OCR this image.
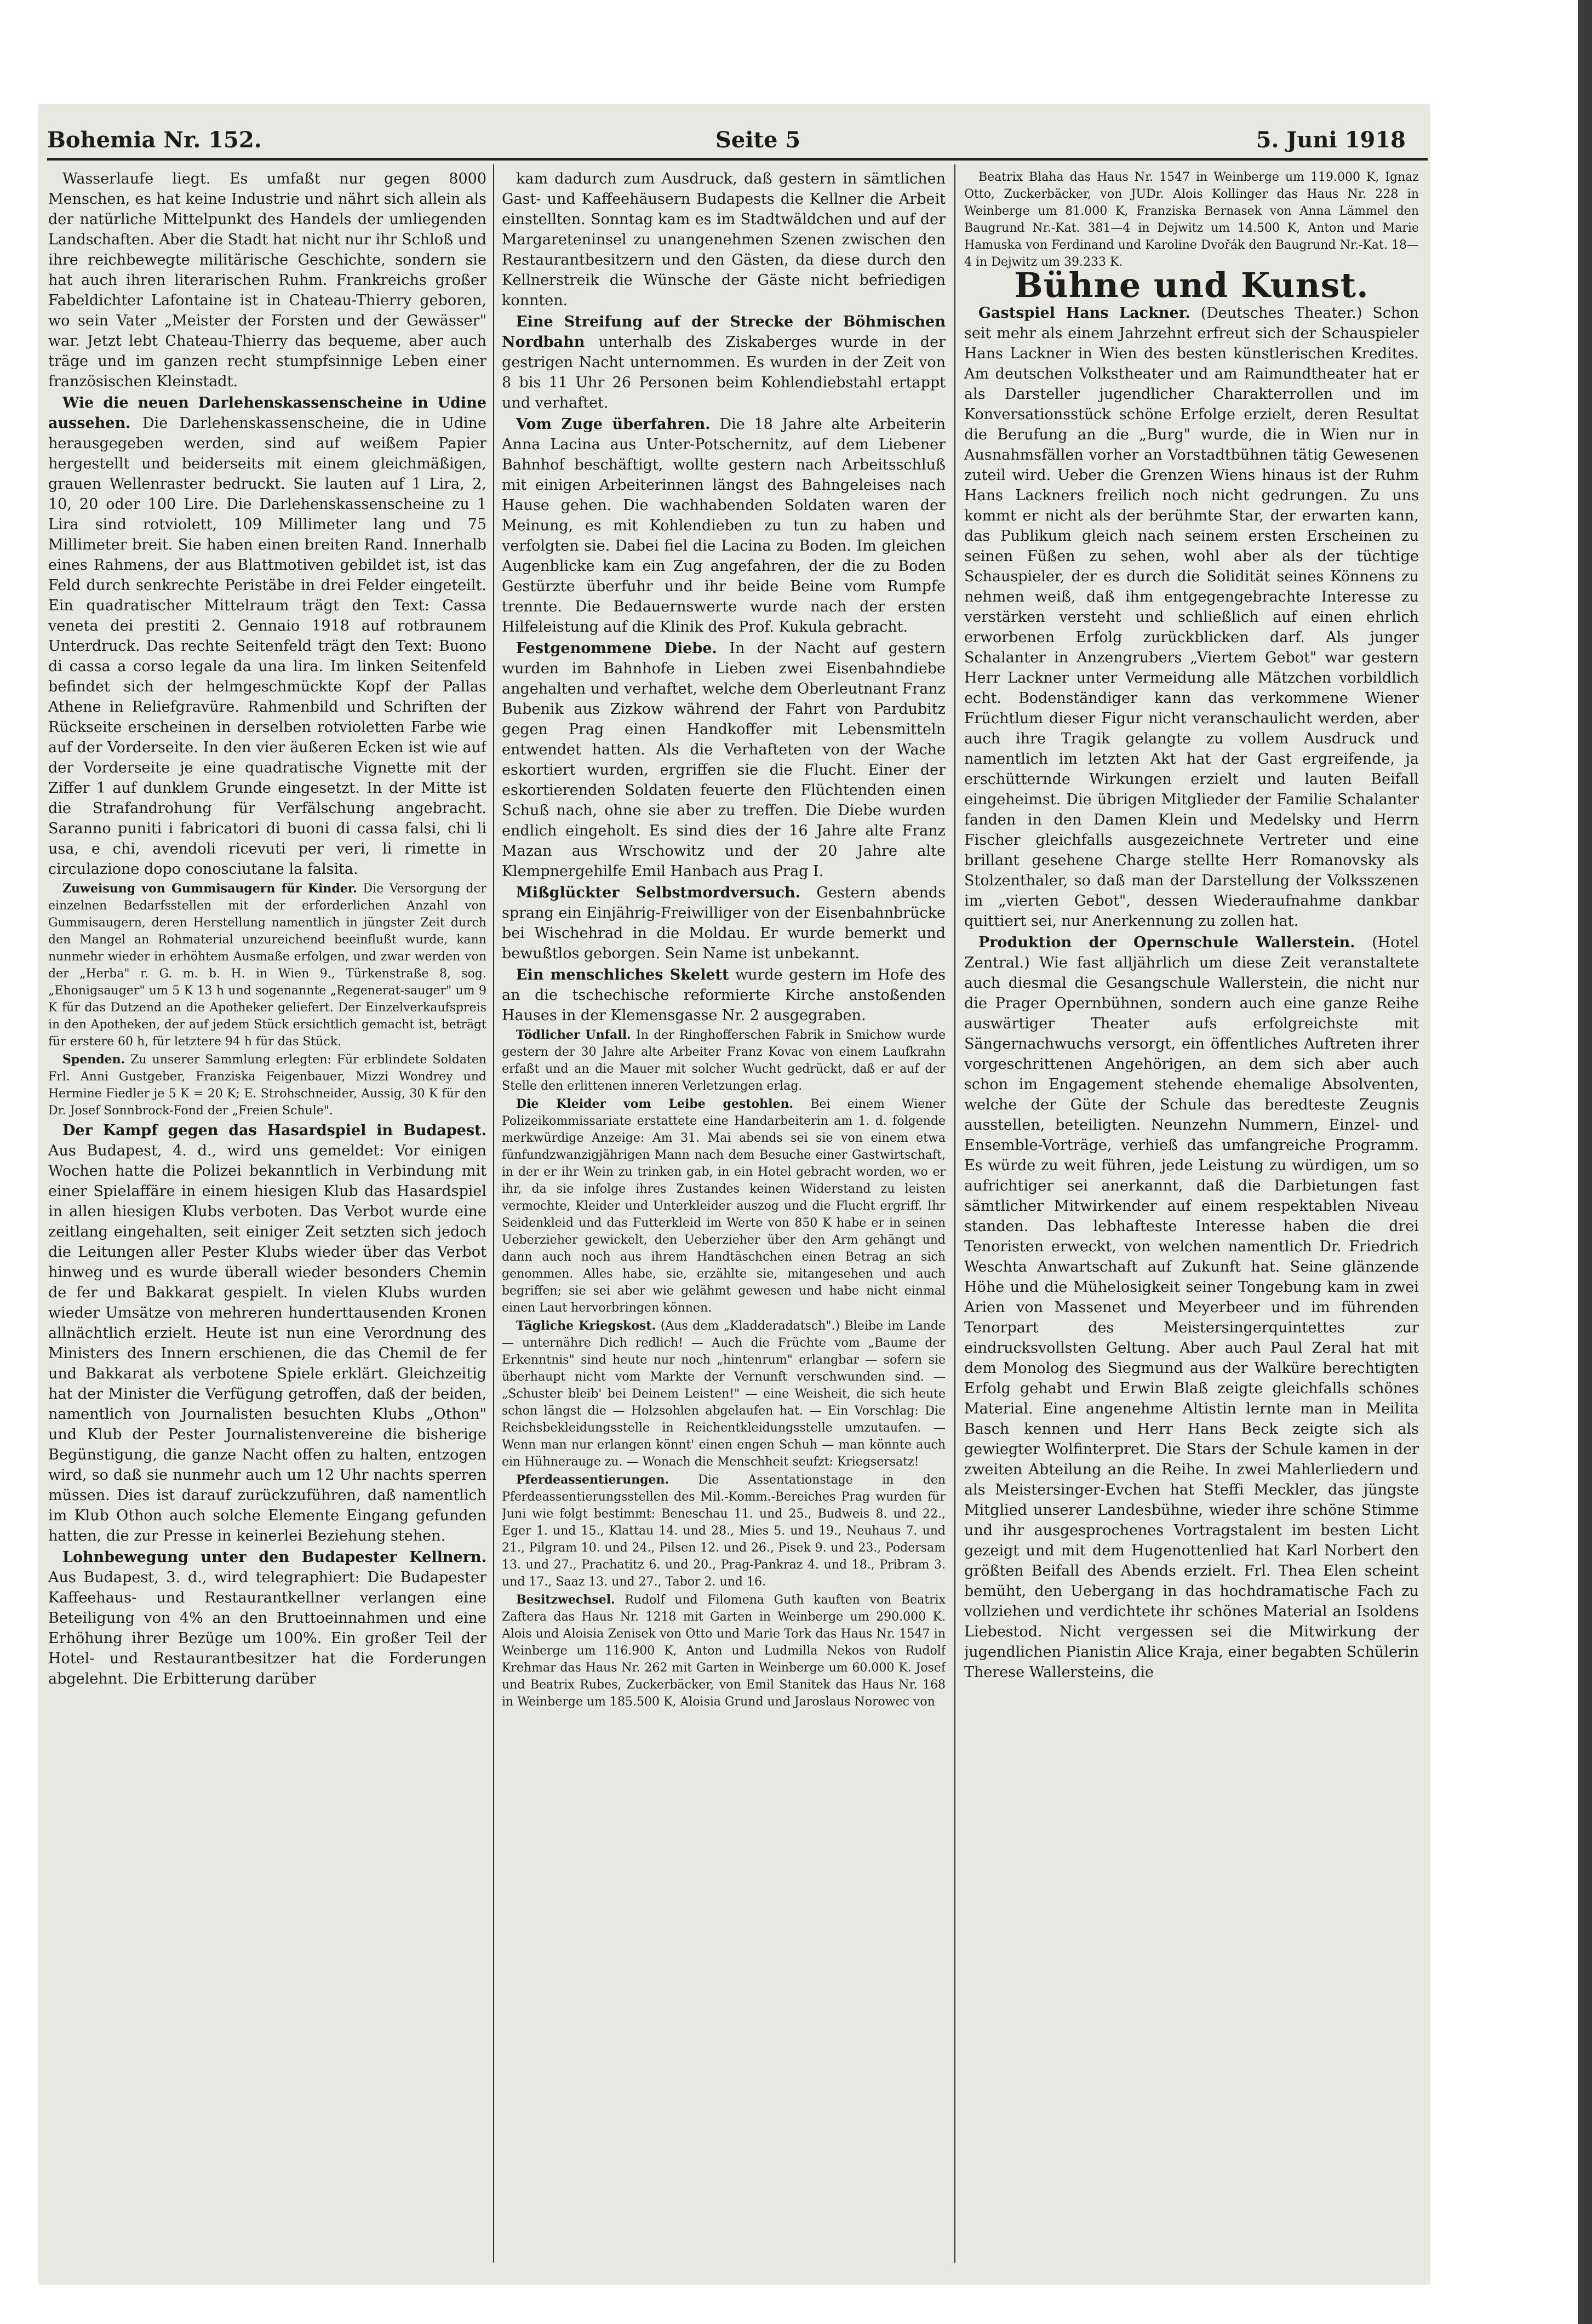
Bohemia Nr. 152.	Seite 5	5. Juni 1918

Wasserlaufe liegt. Es umfaßt nur gegen 8000 Menschen, es hat keine Industrie und nährt sich allein als der natürliche Mittelpunkt des Handels der umliegenden Landschaften. Aber die Stadt hat nicht nur ihr Schloß und ihre reichbewegte militärische Geschichte, sondern sie hat auch ihren literarischen Ruhm. Frankreichs großer Fabeldichter Lafontaine ist in Chateau-Thierry geboren, wo sein Vater „Meister der Forsten und der Gewässer" war. Jetzt lebt Chateau-Thierry das bequeme, aber auch träge und im ganzen recht stumpfsinnige Leben einer französischen Kleinstadt.

Wie die neuen Darlehenskassenscheine in Udine aussehen. Die Darlehenskassenscheine, die in Udine herausgegeben werden, sind auf weißem Papier hergestellt und beiderseits mit einem gleichmäßigen, grauen Wellenraster bedruckt. Sie lauten auf 1 Lira, 2, 10, 20 oder 100 Lire. Die Darlehenskassenscheine zu 1 Lira sind rotviolett, 109 Millimeter lang und 75 Millimeter breit. Sie haben einen breiten Rand. Innerhalb eines Rahmens, der aus Blattmotiven gebildet ist, ist das Feld durch senkrechte Peristäbe in drei Felder eingeteilt. Ein quadratischer Mittelraum trägt den Text: Cassa veneta dei prestiti 2. Gennaio 1918 auf rotbraunem Unterdruck. Das rechte Seitenfeld trägt den Text: Buono di cassa a corso legale da una lira. Im linken Seitenfeld befindet sich der helmgeschmückte Kopf der Pallas Athene in Reliefgravüre. Rahmenbild und Schriften der Rückseite erscheinen in derselben rotvioletten Farbe wie auf der Vorderseite. In den vier äußeren Ecken ist wie auf der Vorderseite je eine quadratische Vignette mit der Ziffer 1 auf dunklem Grunde eingesetzt. In der Mitte ist die Strafandrohung für Verfälschung angebracht. Saranno puniti i fabricatori di buoni di cassa falsi, chi li usa, e chi, avendoli ricevuti per veri, li rimette in circulazione dopo conosciutane la falsita.

Zuweisung von Gummisaugern für Kinder. Die Versorgung der einzelnen Bedarfsstellen mit der erforderlichen Anzahl von Gummisaugern, deren Herstellung namentlich in jüngster Zeit durch den Mangel an Rohmaterial unzureichend beeinflußt wurde, kann nunmehr wieder in erhöhtem Ausmaße erfolgen, und zwar werden von der „Herba" r. G. m. b. H. in Wien 9., Türkenstraße 8, sog. „Ehonigsauger" um 5 K 13 h und sogenannte „Regenerat-sauger" um 9 K für das Dutzend an die Apotheker geliefert. Der Einzelverkaufspreis in den Apotheken, der auf jedem Stück ersichtlich gemacht ist, beträgt für erstere 60 h, für letztere 94 h für das Stück.

Spenden. Zu unserer Sammlung erlegten: Für erblindete Soldaten Frl. Anni Gustgeber, Franziska Feigenbauer, Mizzi Wondrey und Hermine Fiedler je 5 K = 20 K; E. Strohschneider, Aussig, 30 K für den Dr. Josef Sonnbrock-Fond der „Freien Schule".

Der Kampf gegen das Hasardspiel in Budapest. Aus Budapest, 4. d., wird uns gemeldet: Vor einigen Wochen hatte die Polizei bekanntlich in Verbindung mit einer Spielaffäre in einem hiesigen Klub das Hasardspiel in allen hiesigen Klubs verboten. Das Verbot wurde eine zeitlang eingehalten, seit einiger Zeit setzten sich jedoch die Leitungen aller Pester Klubs wieder über das Verbot hinweg und es wurde überall wieder besonders Chemin de fer und Bakkarat gespielt. In vielen Klubs wurden wieder Umsätze von mehreren hunderttausenden Kronen allnächtlich erzielt. Heute ist nun eine Verordnung des Ministers des Innern erschienen, die das Chemil de fer und Bakkarat als verbotene Spiele erklärt. Gleichzeitig hat der Minister die Verfügung getroffen, daß der beiden, namentlich von Journalisten besuchten Klubs „Othon" und Klub der Pester Journalistenvereine die bisherige Begünstigung, die ganze Nacht offen zu halten, entzogen wird, so daß sie nunmehr auch um 12 Uhr nachts sperren müssen. Dies ist darauf zurückzuführen, daß namentlich im Klub Othon auch solche Elemente Eingang gefunden hatten, die zur Presse in keinerlei Beziehung stehen.

Lohnbewegung unter den Budapester Kellnern. Aus Budapest, 3. d., wird telegraphiert: Die Budapester Kaffeehaus- und Restaurantkellner verlangen eine Beteiligung von 4% an den Bruttoeinnahmen und eine Erhöhung ihrer Bezüge um 100%. Ein großer Teil der Hotel- und Restaurantbesitzer hat die Forderungen abgelehnt. Die Erbitterung darüber

kam dadurch zum Ausdruck, daß gestern in sämtlichen Gast- und Kaffeehäusern Budapests die Kellner die Arbeit einstellten. Sonntag kam es im Stadtwäldchen und auf der Margareteninsel zu unangenehmen Szenen zwischen den Restaurantbesitzern und den Gästen, da diese durch den Kellnerstreik die Wünsche der Gäste nicht befriedigen konnten.

Eine Streifung auf der Strecke der Böhmischen Nordbahn unterhalb des Ziskaberges wurde in der gestrigen Nacht unternommen. Es wurden in der Zeit von 8 bis 11 Uhr 26 Personen beim Kohlendiebstahl ertappt und verhaftet.

Vom Zuge überfahren. Die 18 Jahre alte Arbeiterin Anna Lacina aus Unter-Potschernitz, auf dem Liebener Bahnhof beschäftigt, wollte gestern nach Arbeitsschluß mit einigen Arbeiterinnen längst des Bahngeleises nach Hause gehen. Die wachhabenden Soldaten waren der Meinung, es mit Kohlendieben zu tun zu haben und verfolgten sie. Dabei fiel die Lacina zu Boden. Im gleichen Augenblicke kam ein Zug angefahren, der die zu Boden Gestürzte überfuhr und ihr beide Beine vom Rumpfe trennte. Die Bedauernswerte wurde nach der ersten Hilfeleistung auf die Klinik des Prof. Kukula gebracht.

Festgenommene Diebe. In der Nacht auf gestern wurden im Bahnhofe in Lieben zwei Eisenbahndiebe angehalten und verhaftet, welche dem Oberleutnant Franz Bubenik aus Zizkow während der Fahrt von Pardubitz gegen Prag einen Handkoffer mit Lebensmitteln entwendet hatten. Als die Verhafteten von der Wache eskortiert wurden, ergriffen sie die Flucht. Einer der eskortierenden Soldaten feuerte den Flüchtenden einen Schuß nach, ohne sie aber zu treffen. Die Diebe wurden endlich eingeholt. Es sind dies der 16 Jahre alte Franz Mazan aus Wrschowitz und der 20 Jahre alte Klempnergehilfe Emil Hanbach aus Prag I.

Mißglückter Selbstmordversuch. Gestern abends sprang ein Einjährig-Freiwilliger von der Eisenbahnbrücke bei Wischehrad in die Moldau. Er wurde bemerkt und bewußtlos geborgen. Sein Name ist unbekannt.

Ein menschliches Skelett wurde gestern im Hofe des an die tschechische reformierte Kirche anstoßenden Hauses in der Klemensgasse Nr. 2 ausgegraben.

Tödlicher Unfall. In der Ringhofferschen Fabrik in Smichow wurde gestern der 30 Jahre alte Arbeiter Franz Kovac von einem Laufkrahn erfaßt und an die Mauer mit solcher Wucht gedrückt, daß er auf der Stelle den erlittenen inneren Verletzungen erlag.

Die Kleider vom Leibe gestohlen. Bei einem Wiener Polizeikommissariate erstattete eine Handarbeiterin am 1. d. folgende merkwürdige Anzeige: Am 31. Mai abends sei sie von einem etwa fünfundzwanzigjährigen Mann nach dem Besuche einer Gastwirtschaft, in der er ihr Wein zu trinken gab, in ein Hotel gebracht worden, wo er ihr, da sie infolge ihres Zustandes keinen Widerstand zu leisten vermochte, Kleider und Unterkleider auszog und die Flucht ergriff. Ihr Seidenkleid und das Futterkleid im Werte von 850 K habe er in seinen Ueberzieher gewickelt, den Ueberzieher über den Arm gehängt und dann auch noch aus ihrem Handtäschchen einen Betrag an sich genommen. Alles habe, sie, erzählte sie, mitangesehen und auch begriffen; sie sei aber wie gelähmt gewesen und habe nicht einmal einen Laut hervorbringen können.

Tägliche Kriegskost. (Aus dem „Kladderadatsch".) Bleibe im Lande — unternähre Dich redlich! — Auch die Früchte vom „Baume der Erkenntnis" sind heute nur noch „hintenrum" erlangbar — sofern sie überhaupt nicht vom Markte der Vernunft verschwunden sind. — „Schuster bleib' bei Deinem Leisten!" — eine Weisheit, die sich heute schon längst die — Holzsohlen abgelaufen hat. — Ein Vorschlag: Die Reichsbekleidungsstelle in Reichentkleidungsstelle umzutaufen. — Wenn man nur erlangen könnt' einen engen Schuh — man könnte auch ein Hühnerauge zu. — Wonach die Menschheit seufzt: Kriegsersatz!

Pferdeassentierungen. Die Assentationstage in den Pferdeassentierungsstellen des Mil.-Komm.-Bereiches Prag wurden für Juni wie folgt bestimmt: Beneschau 11. und 25., Budweis 8. und 22., Eger 1. und 15., Klattau 14. und 28., Mies 5. und 19., Neuhaus 7. und 21., Pilgram 10. und 24., Pilsen 12. und 26., Pisek 9. und 23., Podersam 13. und 27., Prachatitz 6. und 20., Prag-Pankraz 4. und 18., Pribram 3. und 17., Saaz 13. und 27., Tabor 2. und 16.

Besitzwechsel. Rudolf und Filomena Guth kauften von Beatrix Zaftera das Haus Nr. 1218 mit Garten in Weinberge um 290.000 K. Alois und Aloisia Zenisek von Otto und Marie Tork das Haus Nr. 1547 in Weinberge um 116.900 K, Anton und Ludmilla Nekos von Rudolf Krehmar das Haus Nr. 262 mit Garten in Weinberge um 60.000 K. Josef und Beatrix Rubes, Zuckerbäcker, von Emil Stanitek das Haus Nr. 168 in Weinberge um 185.500 K, Aloisia Grund und Jaroslaus Norowec von

Beatrix Blaha das Haus Nr. 1547 in Weinberge um 119.000 K, Ignaz Otto, Zuckerbäcker, von JUDr. Alois Kollinger das Haus Nr. 228 in Weinberge um 81.000 K, Franziska Bernasek von Anna Lämmel den Baugrund Nr.-Kat. 381—4 in Dejwitz um 14.500 K, Anton und Marie Hamuska von Ferdinand und Karoline Dvořák den Baugrund Nr.-Kat. 18—4 in Dejwitz um 39.233 K.

Bühne und Kunst.

Gastspiel Hans Lackner. (Deutsches Theater.) Schon seit mehr als einem Jahrzehnt erfreut sich der Schauspieler Hans Lackner in Wien des besten künstlerischen Kredites. Am deutschen Volkstheater und am Raimundtheater hat er als Darsteller jugendlicher Charakterrollen und im Konversationsstück schöne Erfolge erzielt, deren Resultat die Berufung an die „Burg" wurde, die in Wien nur in Ausnahmsfällen vorher an Vorstadtbühnen tätig Gewesenen zuteil wird. Ueber die Grenzen Wiens hinaus ist der Ruhm Hans Lackners freilich noch nicht gedrungen. Zu uns kommt er nicht als der berühmte Star, der erwarten kann, das Publikum gleich nach seinem ersten Erscheinen zu seinen Füßen zu sehen, wohl aber als der tüchtige Schauspieler, der es durch die Solidität seines Könnens zu nehmen weiß, daß ihm entgegengebrachte Interesse zu verstärken versteht und schließlich auf einen ehrlich erworbenen Erfolg zurückblicken darf. Als junger Schalanter in Anzengrubers „Viertem Gebot" war gestern Herr Lackner unter Vermeidung alle Mätzchen vorbildlich echt. Bodenständiger kann das verkommene Wiener Früchtlum dieser Figur nicht veranschaulicht werden, aber auch ihre Tragik gelangte zu vollem Ausdruck und namentlich im letzten Akt hat der Gast ergreifende, ja erschütternde Wirkungen erzielt und lauten Beifall eingeheimst. Die übrigen Mitglieder der Familie Schalanter fanden in den Damen Klein und Medelsky und Herrn Fischer gleichfalls ausgezeichnete Vertreter und eine brillant gesehene Charge stellte Herr Romanovsky als Stolzenthaler, so daß man der Darstellung der Volksszenen im „vierten Gebot", dessen Wiederaufnahme dankbar quittiert sei, nur Anerkennung zu zollen hat.

Produktion der Opernschule Wallerstein. (Hotel Zentral.) Wie fast alljährlich um diese Zeit veranstaltete auch diesmal die Gesangschule Wallerstein, die nicht nur die Prager Opernbühnen, sondern auch eine ganze Reihe auswärtiger Theater aufs erfolgreichste mit Sängernachwuchs versorgt, ein öffentliches Auftreten ihrer vorgeschrittenen Angehörigen, an dem sich aber auch schon im Engagement stehende ehemalige Absolventen, welche der Güte der Schule das beredteste Zeugnis ausstellen, beteiligten. Neunzehn Nummern, Einzel- und Ensemble-Vorträge, verhieß das umfangreiche Programm. Es würde zu weit führen, jede Leistung zu würdigen, um so aufrichtiger sei anerkannt, daß die Darbietungen fast sämtlicher Mitwirkender auf einem respektablen Niveau standen. Das lebhafteste Interesse haben die drei Tenoristen erweckt, von welchen namentlich Dr. Friedrich Weschta Anwartschaft auf Zukunft hat. Seine glänzende Höhe und die Mühelosigkeit seiner Tongebung kam in zwei Arien von Massenet und Meyerbeer und im führenden Tenorpart des Meistersingerquintettes zur eindrucksvollsten Geltung. Aber auch Paul Zeral hat mit dem Monolog des Siegmund aus der Walküre berechtigten Erfolg gehabt und Erwin Blaß zeigte gleichfalls schönes Material. Eine angenehme Altistin lernte man in Meilita Basch kennen und Herr Hans Beck zeigte sich als gewiegter Wolfinterpret. Die Stars der Schule kamen in der zweiten Abteilung an die Reihe. In zwei Mahlerliedern und als Meistersinger-Evchen hat Steffi Meckler, das jüngste Mitglied unserer Landesbühne, wieder ihre schöne Stimme und ihr ausgesprochenes Vortragstalent im besten Licht gezeigt und mit dem Hugenottenlied hat Karl Norbert den größten Beifall des Abends erzielt. Frl. Thea Elen scheint bemüht, den Uebergang in das hochdramatische Fach zu vollziehen und verdichtete ihr schönes Material an Isoldens Liebestod. Nicht vergessen sei die Mitwirkung der jugendlichen Pianistin Alice Kraja, einer begabten Schülerin Therese Wallersteins, die
